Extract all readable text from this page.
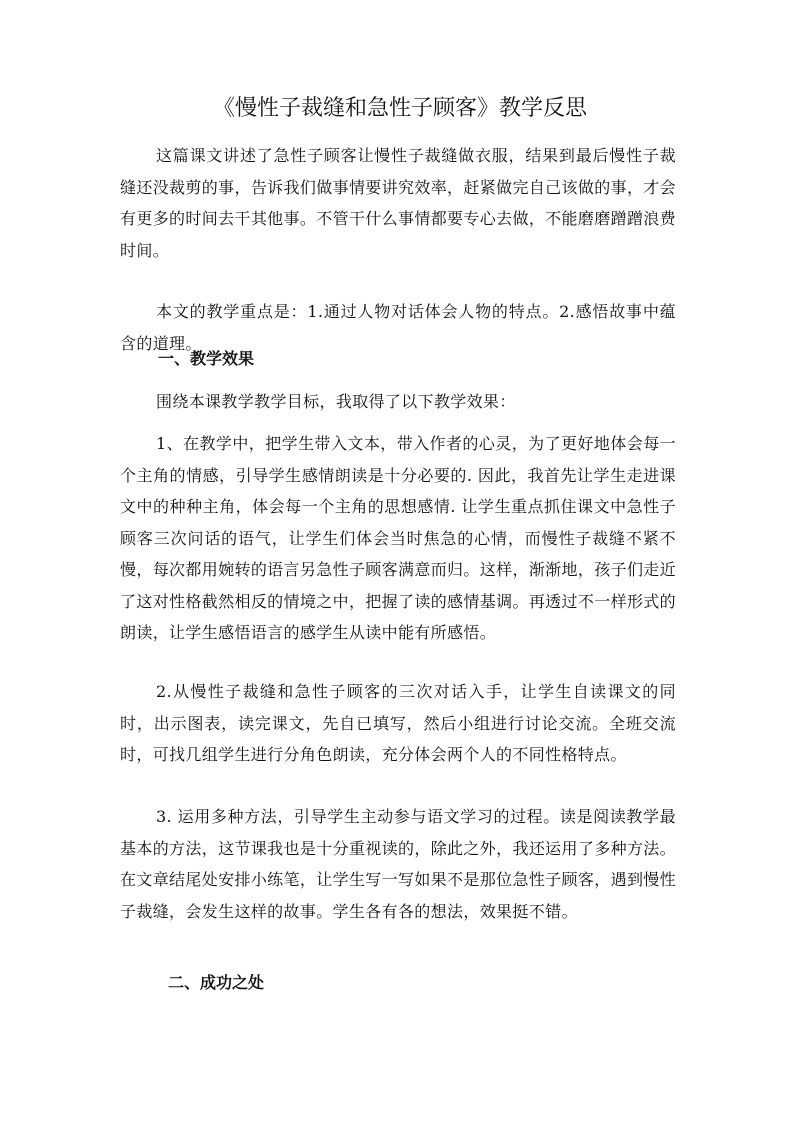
《慢性子裁缝和急性子顾客》教学反思

这篇课文讲述了急性子顾客让慢性子裁缝做衣服，结果到最后慢性子裁缝还没裁剪的事，告诉我们做事情要讲究效率，赶紧做完自己该做的事，才会有更多的时间去干其他事。不管干什么事情都要专心去做，不能磨磨蹭蹭浪费时间。

本文的教学重点是：1.通过人物对话体会人物的特点。2.感悟故事中蕴含的道理。

一、教学效果

围绕本课教学教学目标，我取得了以下教学效果：

1、在教学中，把学生带入文本，带入作者的心灵，为了更好地体会每一个主角的情感，引导学生感情朗读是十分必要的. 因此，我首先让学生走进课文中的种种主角，体会每一个主角的思想感情. 让学生重点抓住课文中急性子顾客三次问话的语气，让学生们体会当时焦急的心情，而慢性子裁缝不紧不慢，每次都用婉转的语言另急性子顾客满意而归。这样，渐渐地，孩子们走近了这对性格截然相反的情境之中，把握了读的感情基调。再透过不一样形式的朗读，让学生感悟语言的感学生从读中能有所感悟。

2.从慢性子裁缝和急性子顾客的三次对话入手，让学生自读课文的同时，出示图表，读完课文，先自已填写，然后小组进行讨论交流。全班交流时，可找几组学生进行分角色朗读，充分体会两个人的不同性格特点。

3. 运用多种方法，引导学生主动参与语文学习的过程。读是阅读教学最基本的方法，这节课我也是十分重视读的，除此之外，我还运用了多种方法。在文章结尾处安排小练笔，让学生写一写如果不是那位急性子顾客，遇到慢性子裁缝，会发生这样的故事。学生各有各的想法，效果挺不错。

二、成功之处
